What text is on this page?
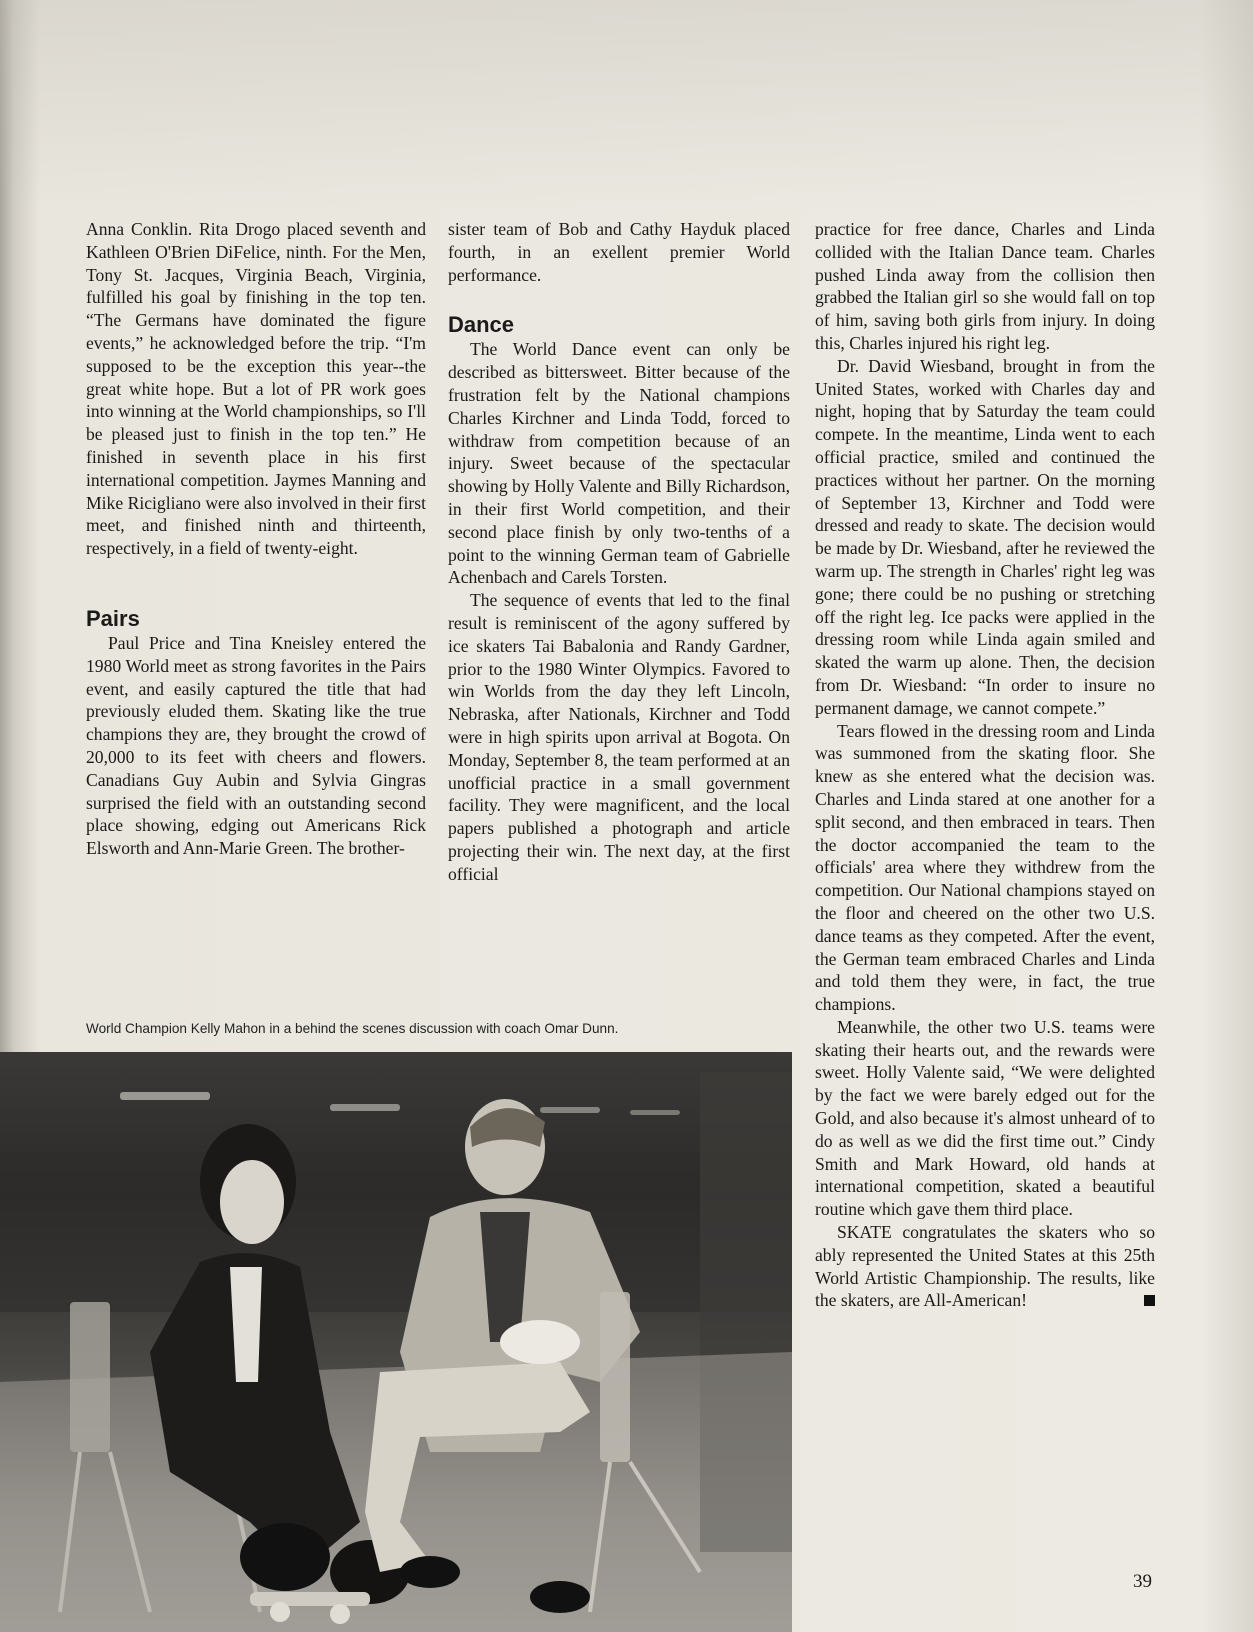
Anna Conklin. Rita Drogo placed seventh and Kathleen O'Brien DiFelice, ninth. For the Men, Tony St. Jacques, Virginia Beach, Virginia, fulfilled his goal by finishing in the top ten. “The Germans have dominated the figure events,” he acknowledged before the trip. “I'm supposed to be the exception this year--the great white hope. But a lot of PR work goes into winning at the World championships, so I'll be pleased just to finish in the top ten.” He finished in seventh place in his first international competition. Jaymes Manning and Mike Ricigliano were also involved in their first meet, and finished ninth and thirteenth, respectively, in a field of twenty-eight.

Pairs

Paul Price and Tina Kneisley entered the 1980 World meet as strong favorites in the Pairs event, and easily captured the title that had previously eluded them. Skating like the true champions they are, they brought the crowd of 20,000 to its feet with cheers and flowers. Canadians Guy Aubin and Sylvia Gingras surprised the field with an outstanding second place showing, edging out Americans Rick Elsworth and Ann-Marie Green. The brother-

sister team of Bob and Cathy Hayduk placed fourth, in an exellent premier World performance.

Dance

The World Dance event can only be described as bittersweet. Bitter because of the frustration felt by the National champions Charles Kirchner and Linda Todd, forced to withdraw from competition because of an injury. Sweet because of the spectacular showing by Holly Valente and Billy Richardson, in their first World competition, and their second place finish by only two-tenths of a point to the winning German team of Gabrielle Achenbach and Carels Torsten.

The sequence of events that led to the final result is reminiscent of the agony suffered by ice skaters Tai Babalonia and Randy Gardner, prior to the 1980 Winter Olympics. Favored to win Worlds from the day they left Lincoln, Nebraska, after Nationals, Kirchner and Todd were in high spirits upon arrival at Bogota. On Monday, September 8, the team performed at an unofficial practice in a small government facility. They were magnificent, and the local papers published a photograph and article projecting their win. The next day, at the first official

practice for free dance, Charles and Linda collided with the Italian Dance team. Charles pushed Linda away from the collision then grabbed the Italian girl so she would fall on top of him, saving both girls from injury. In doing this, Charles injured his right leg.

Dr. David Wiesband, brought in from the United States, worked with Charles day and night, hoping that by Saturday the team could compete. In the meantime, Linda went to each official practice, smiled and continued the practices without her partner. On the morning of September 13, Kirchner and Todd were dressed and ready to skate. The decision would be made by Dr. Wiesband, after he reviewed the warm up. The strength in Charles' right leg was gone; there could be no pushing or stretching off the right leg. Ice packs were applied in the dressing room while Linda again smiled and skated the warm up alone. Then, the decision from Dr. Wiesband: “In order to insure no permanent damage, we cannot compete.”

Tears flowed in the dressing room and Linda was summoned from the skating floor. She knew as she entered what the decision was. Charles and Linda stared at one another for a split second, and then embraced in tears. Then the doctor accompanied the team to the officials' area where they withdrew from the competition. Our National champions stayed on the floor and cheered on the other two U.S. dance teams as they competed. After the event, the German team embraced Charles and Linda and told them they were, in fact, the true champions.

Meanwhile, the other two U.S. teams were skating their hearts out, and the rewards were sweet. Holly Valente said, “We were delighted by the fact we were barely edged out for the Gold, and also because it's almost unheard of to do as well as we did the first time out.” Cindy Smith and Mark Howard, old hands at international competition, skated a beautiful routine which gave them third place.

SKATE congratulates the skaters who so ably represented the United States at this 25th World Artistic Championship. The results, like the skaters, are All-American!

World Champion Kelly Mahon in a behind the scenes discussion with coach Omar Dunn.
39
